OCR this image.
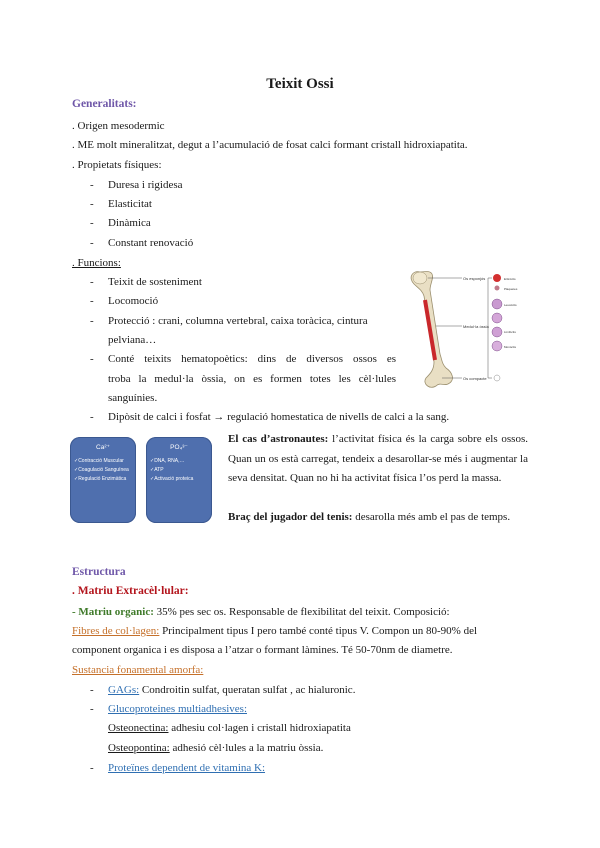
Teixit Ossi
Generalitats:
. Origen mesodermic
. ME molt mineralitzat, degut a l’acumulació de fosat calci formant cristall hidroxiapatita.
. Propietats físiques:
- Duresa i rigidesa
- Elasticitat
- Dinàmica
- Constant renovació
. Funcions:
- Teixit de sosteniment
- Locomoció
- Protecció : crani, columna vertebral, caixa toràcica, cintura
pelviana…
- Conté teixits hematopoètics: dins de diversos ossos es
troba la medul·la òssia, on es formen totes les cèl·lules
sanguínies.
- Dipòsit de calci i fosfat → regulació homestatica de nivells de calci a la sang.
Os esponjós
Medul·la òssia
Os compacte
Eritròcits
Plaquetes
Leucòcits
Limfòcits
Monòcits
Ca²⁺
✓Contracció Muscular
✓Coagulació Sanguínea
✓Regulació Enzimàtica
PO₄³⁻
✓DNA, RNA,…
✓ATP
✓Activació proteica
El cas d’astronautes: l’activitat física és la carga sobre els ossos. Quan un os està carregat, tendeix a desarollar-se més i augmentar la seva densitat. Quan no hi ha activitat física l’os perd la massa.
Braç del jugador del tenis: desarolla més amb el pas de temps.
Estructura
. Matriu Extracèl·lular:
- Matriu organic: 35% pes sec os. Responsable de flexibilitat del teixit. Composició:
Fibres de col·lagen: Principalment tipus I pero també conté tipus V. Compon un 80-90% del
component organica i es disposa a l’atzar o formant làmines. Té 50-70nm de diametre.
Sustancia fonamental amorfa:
- GAGs: Condroitin sulfat, queratan sulfat , ac hialuronic.
- Glucoproteines multiadhesives:
Osteonectina: adhesiu col·lagen i cristall hidroxiapatita
Osteopontina: adhesió cèl·lules a la matriu òssia.
- Proteïnes dependent de vitamina K:
